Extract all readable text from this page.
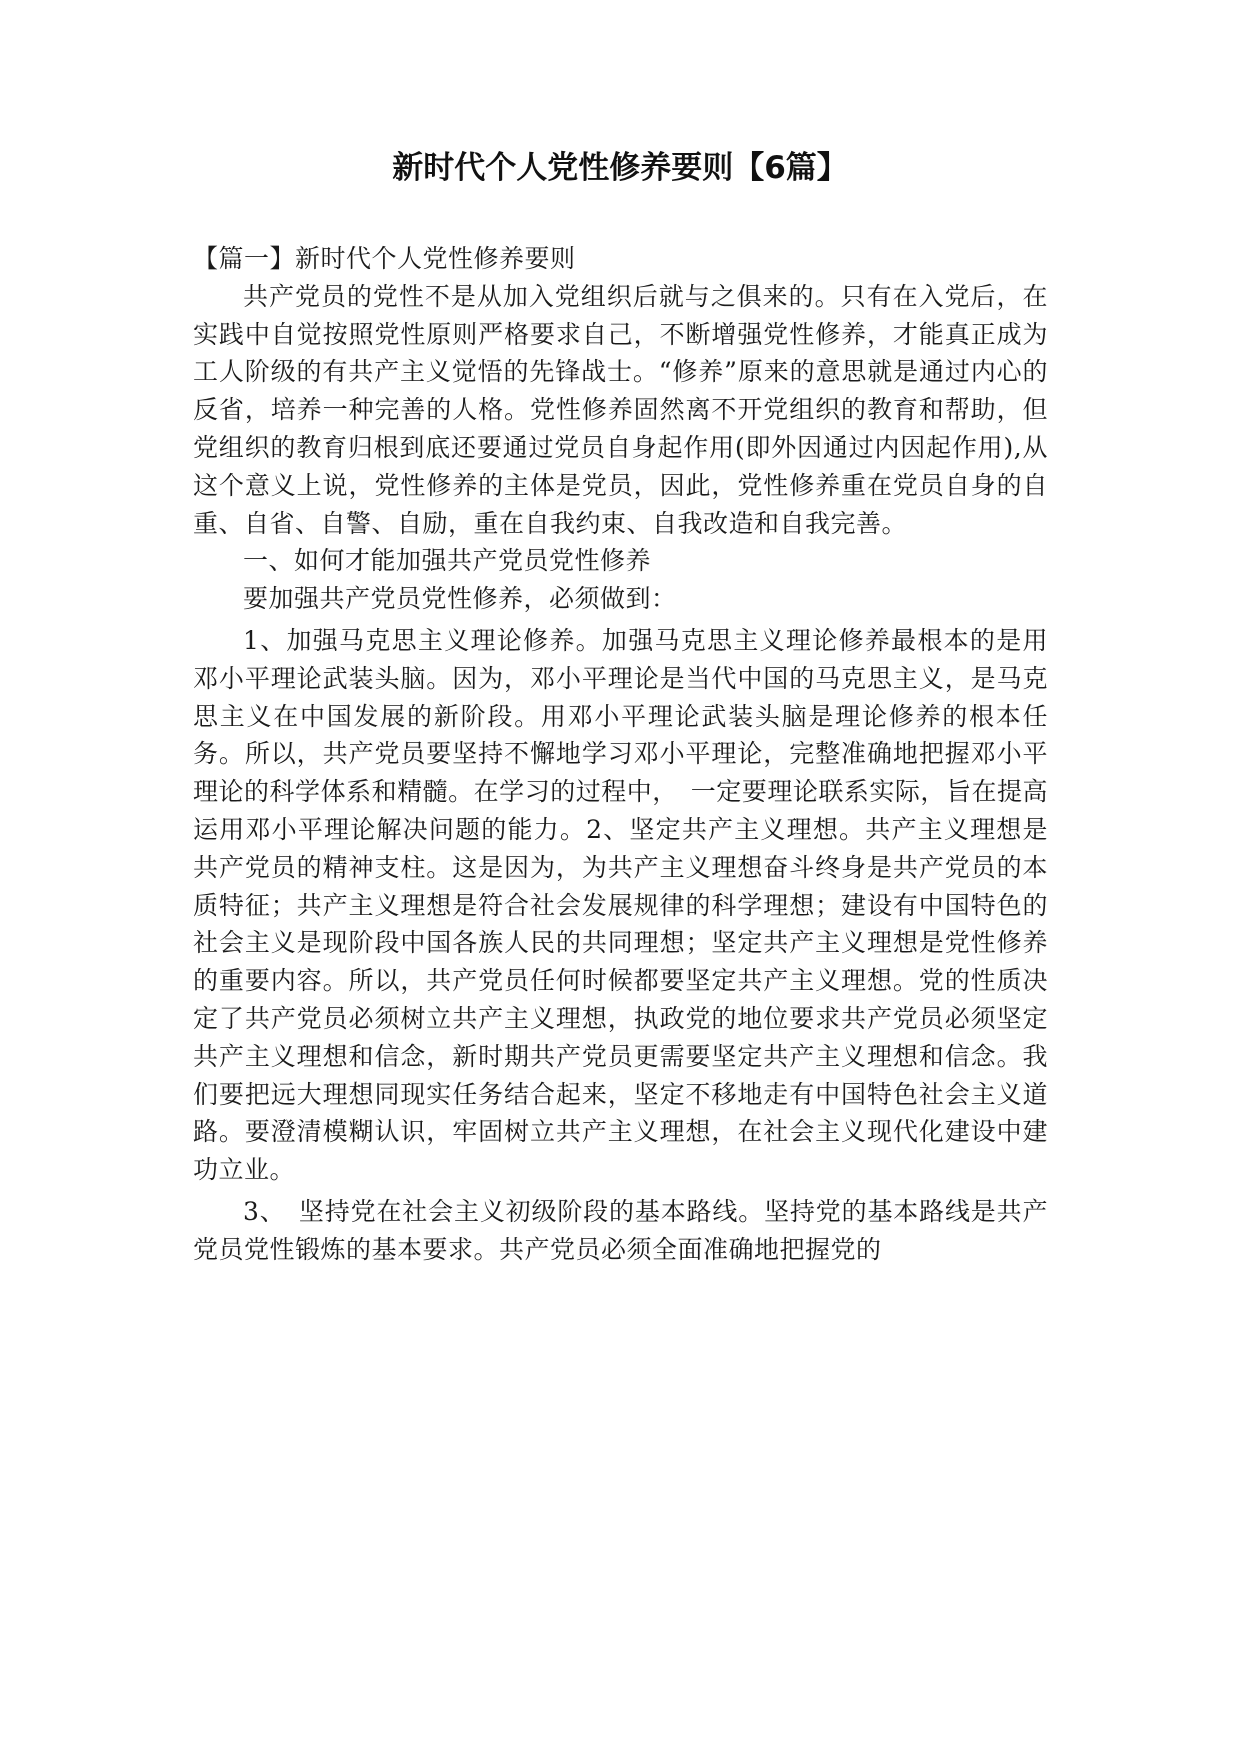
新时代个人党性修养要则【6篇】

【篇一】新时代个人党性修养要则

共产党员的党性不是从加入党组织后就与之俱来的。只有在入党后，在实践中自觉按照党性原则严格要求自己，不断增强党性修养，才能真正成为工人阶级的有共产主义觉悟的先锋战士。“修养”原来的意思就是通过内心的反省，培养一种完善的人格。党性修养固然离不开党组织的教育和帮助，但党组织的教育归根到底还要通过党员自身起作用(即外因通过内因起作用),从这个意义上说，党性修养的主体是党员，因此，党性修养重在党员自身的自重、自省、自警、自励，重在自我约束、自我改造和自我完善。

一、如何才能加强共产党员党性修养

要加强共产党员党性修养，必须做到：

1、加强马克思主义理论修养。加强马克思主义理论修养最根本的是用邓小平理论武装头脑。因为，邓小平理论是当代中国的马克思主义，是马克思主义在中国发展的新阶段。用邓小平理论武装头脑是理论修养的根本任务。所以，共产党员要坚持不懈地学习邓小平理论，完整准确地把握邓小平理论的科学体系和精髓。在学习的过程中，　一定要理论联系实际，旨在提高运用邓小平理论解决问题的能力。2、坚定共产主义理想。共产主义理想是共产党员的精神支柱。这是因为，为共产主义理想奋斗终身是共产党员的本质特征；共产主义理想是符合社会发展规律的科学理想；建设有中国特色的社会主义是现阶段中国各族人民的共同理想；坚定共产主义理想是党性修养的重要内容。所以，共产党员任何时候都要坚定共产主义理想。党的性质决定了共产党员必须树立共产主义理想，执政党的地位要求共产党员必须坚定共产主义理想和信念，新时期共产党员更需要坚定共产主义理想和信念。我们要把远大理想同现实任务结合起来，坚定不移地走有中国特色社会主义道路。要澄清模糊认识，牢固树立共产主义理想，在社会主义现代化建设中建功立业。

3、　坚持党在社会主义初级阶段的基本路线。坚持党的基本路线是共产党员党性锻炼的基本要求。共产党员必须全面准确地把握党的
